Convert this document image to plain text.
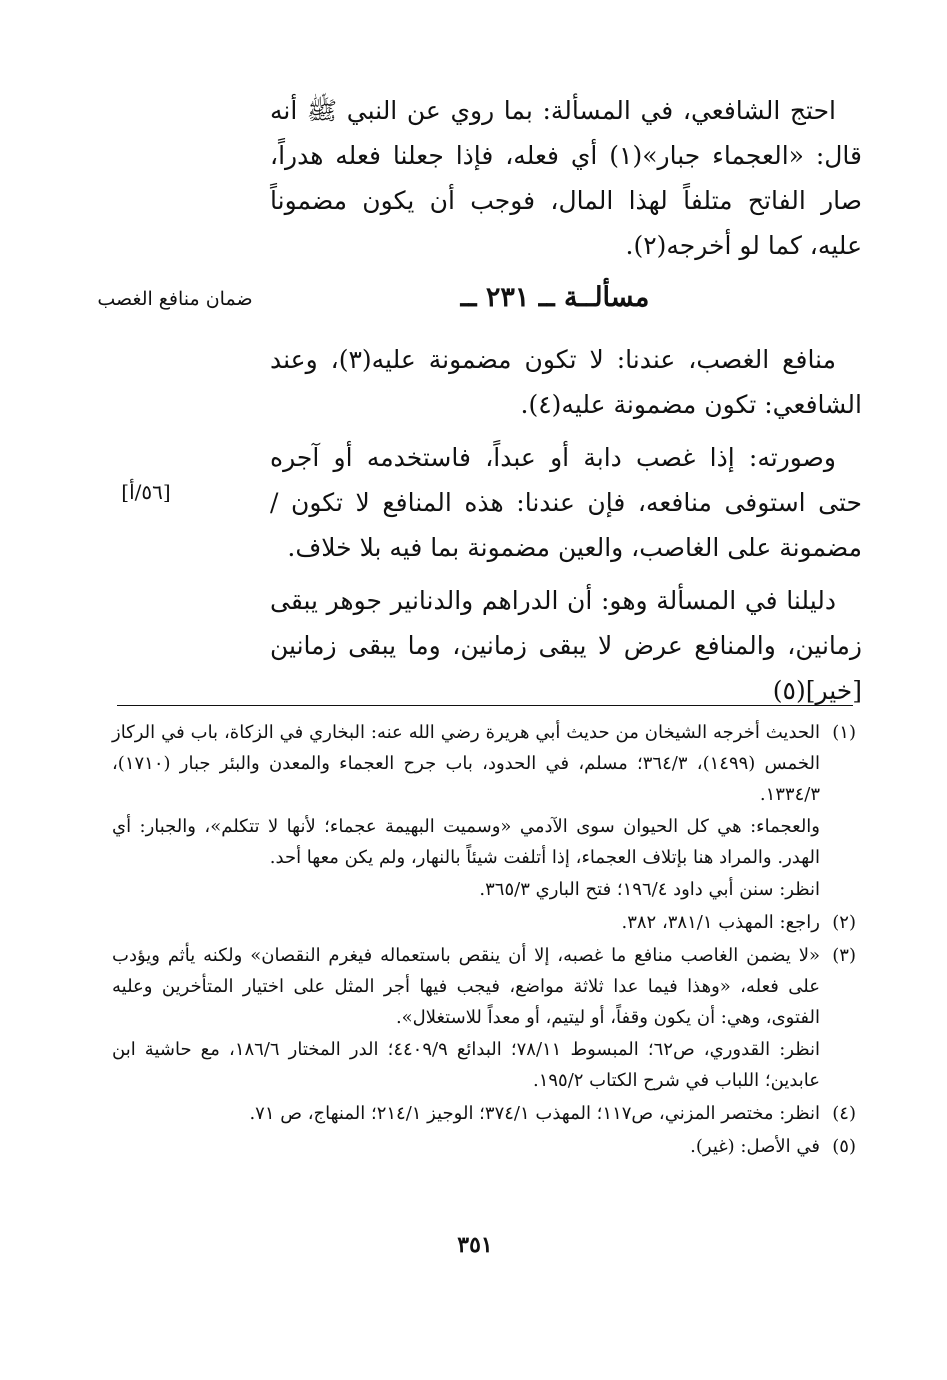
احتج الشافعي، في المسألة: بما روي عن النبي ﷺ أنه قال: «العجماء جبار»(١) أي فعله، فإذا جعلنا فعله هدراً، صار الفاتح متلفاً لهذا المال، فوجب أن يكون مضموناً عليه، كما لو أخرجه(٢).

مسألــة ــ ٢٣١ ــ
ضمان منافع الغصب
[٥٦/أ]

منافع الغصب، عندنا: لا تكون مضمونة عليه(٣)، وعند الشافعي: تكون مضمونة عليه(٤).

وصورته: إذا غصب دابة أو عبداً، فاستخدمه أو آجره حتى استوفى منافعه، فإن عندنا: هذه المنافع لا تكون / مضمونة على الغاصب، والعين مضمونة بما فيه بلا خلاف.

دليلنا في المسألة وهو: أن الدراهم والدنانير جوهر يبقى زمانين، والمنافع عرض لا يبقى زمانين، وما يبقى زمانين [خير](٥)

(١)

الحديث أخرجه الشيخان من حديث أبي هريرة رضي الله عنه: البخاري في الزكاة، باب في الركاز الخمس (١٤٩٩)، ٣٦٤/٣؛ مسلم، في الحدود، باب جرح العجماء والمعدن والبئر جبار (١٧١٠)، ١٣٣٤/٣.

والعجماء: هي كل الحيوان سوى الآدمي «وسميت البهيمة عجماء؛ لأنها لا تتكلم»، والجبار: أي الهدر. والمراد هنا بإتلاف العجماء، إذا أتلفت شيئاً بالنهار، ولم يكن معها أحد.

انظر: سنن أبي داود ١٩٦/٤؛ فتح الباري ٣٦٥/٣.

(٢)

راجع: المهذب ٣٨١/١، ٣٨٢.

(٣)

«لا يضمن الغاصب منافع ما غصبه، إلا أن ينقص باستعماله فيغرم النقصان» ولكنه يأثم ويؤدب على فعله، «وهذا فيما عدا ثلاثة مواضع، فيجب فيها أجر المثل على اختيار المتأخرين وعليه الفتوى، وهي: أن يكون وقفاً، أو ليتيم، أو معداً للاستغلال».

انظر: القدوري، ص٦٢؛ المبسوط ٧٨/١١؛ البدائع ٤٤٠٩/٩؛ الدر المختار ١٨٦/٦، مع حاشية ابن عابدين؛ اللباب في شرح الكتاب ١٩٥/٢.

(٤)

انظر: مختصر المزني، ص١١٧؛ المهذب ٣٧٤/١؛ الوجيز ٢١٤/١؛ المنهاج، ص ٧١.

(٥)

في الأصل: (غير).

٣٥١
